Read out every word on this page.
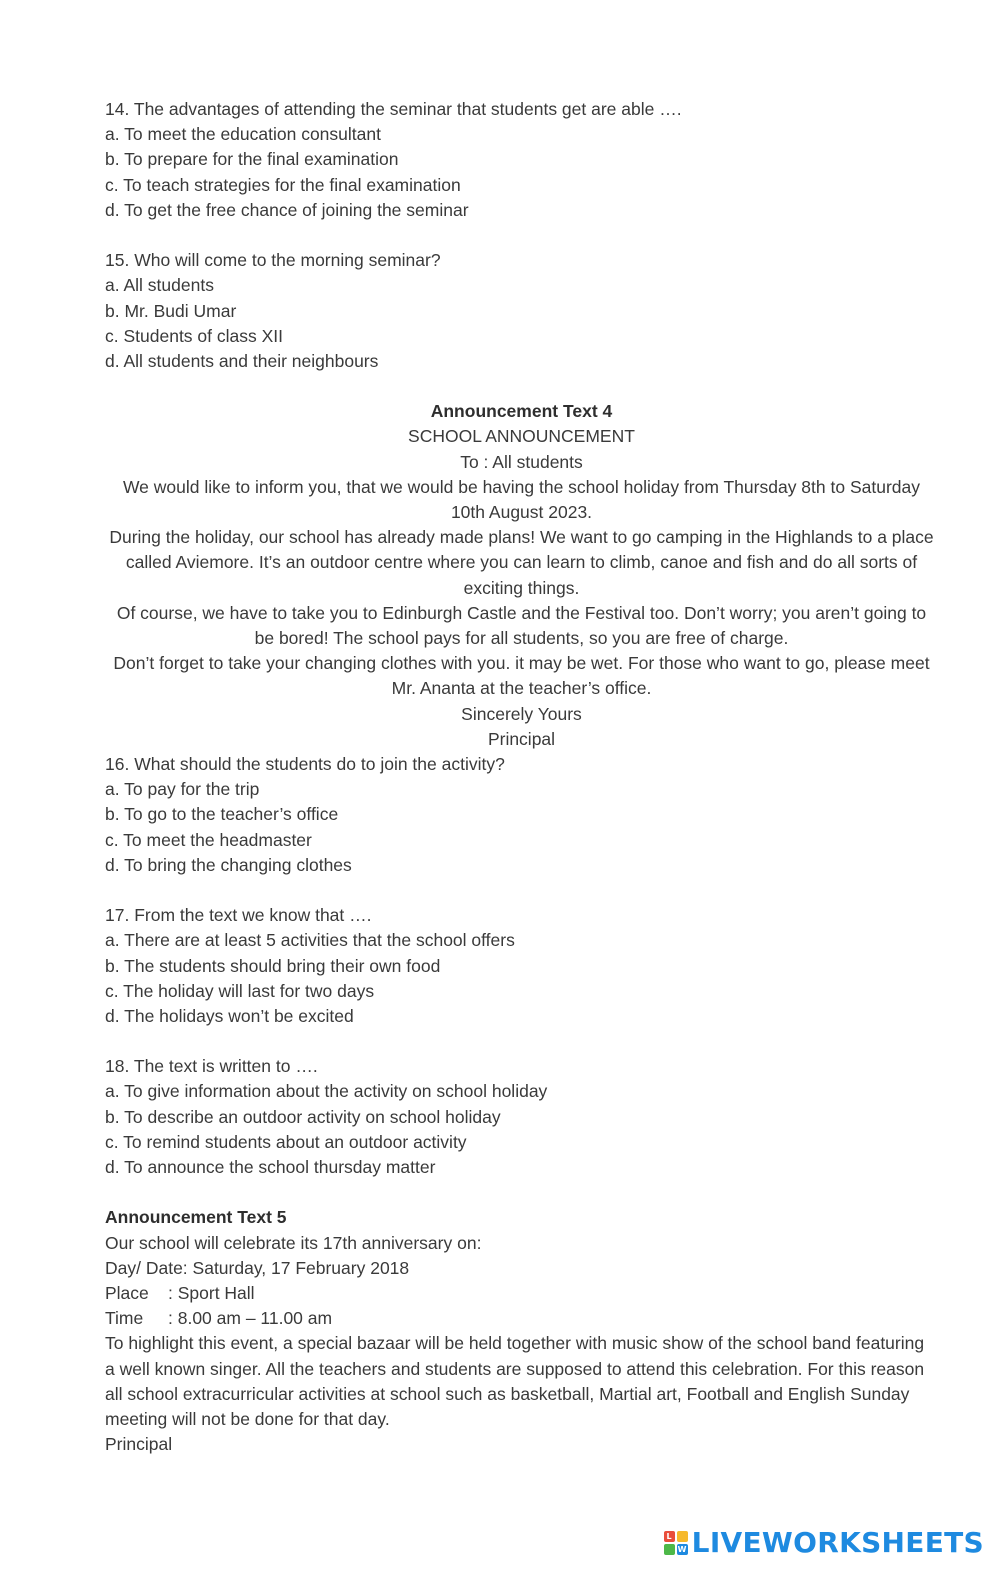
14. The advantages of attending the seminar that students get are able ….
a. To meet the education consultant
b. To prepare for the final examination
c. To teach strategies for the final examination
d. To get the free chance of joining the seminar
15. Who will come to the morning seminar?
a. All students
b. Mr. Budi Umar
c. Students of class XII
d. All students and their neighbours
Announcement Text 4
SCHOOL ANNOUNCEMENT
To : All students
We would like to inform you, that we would be having the school holiday from Thursday 8th to Saturday 10th August 2023.
During the holiday, our school has already made plans! We want to go camping in the Highlands to a place called Aviemore. It’s an outdoor centre where you can learn to climb, canoe and fish and do all sorts of exciting things.
Of course, we have to take you to Edinburgh Castle and the Festival too. Don’t worry; you aren’t going to be bored! The school pays for all students, so you are free of charge.
Don’t forget to take your changing clothes with you. it may be wet. For those who want to go, please meet Mr. Ananta at the teacher’s office.
Sincerely Yours
Principal
16. What should the students do to join the activity?
a. To pay for the trip
b. To go to the teacher’s office
c. To meet the headmaster
d. To bring the changing clothes
17. From the text we know that ….
a. There are at least 5 activities that the school offers
b. The students should bring their own food
c. The holiday will last for two days
d. The holidays won’t be excited
18. The text is written to ….
a. To give information about the activity on school holiday
b. To describe an outdoor activity on school holiday
c. To remind students about an outdoor activity
d. To announce the school thursday matter
Announcement Text 5
Our school will celebrate its 17th anniversary on:
Day/ Date: Saturday, 17 February 2018
Place : Sport Hall
Time : 8.00 am – 11.00 am
To highlight this event, a special bazaar will be held together with music show of the school band featuring a well known singer. All the teachers and students are supposed to attend this celebration. For this reason all school extracurricular activities at school such as basketball, Martial art, Football and English Sunday meeting will not be done for that day.
Principal
L
W LIVEWORKSHEETS
